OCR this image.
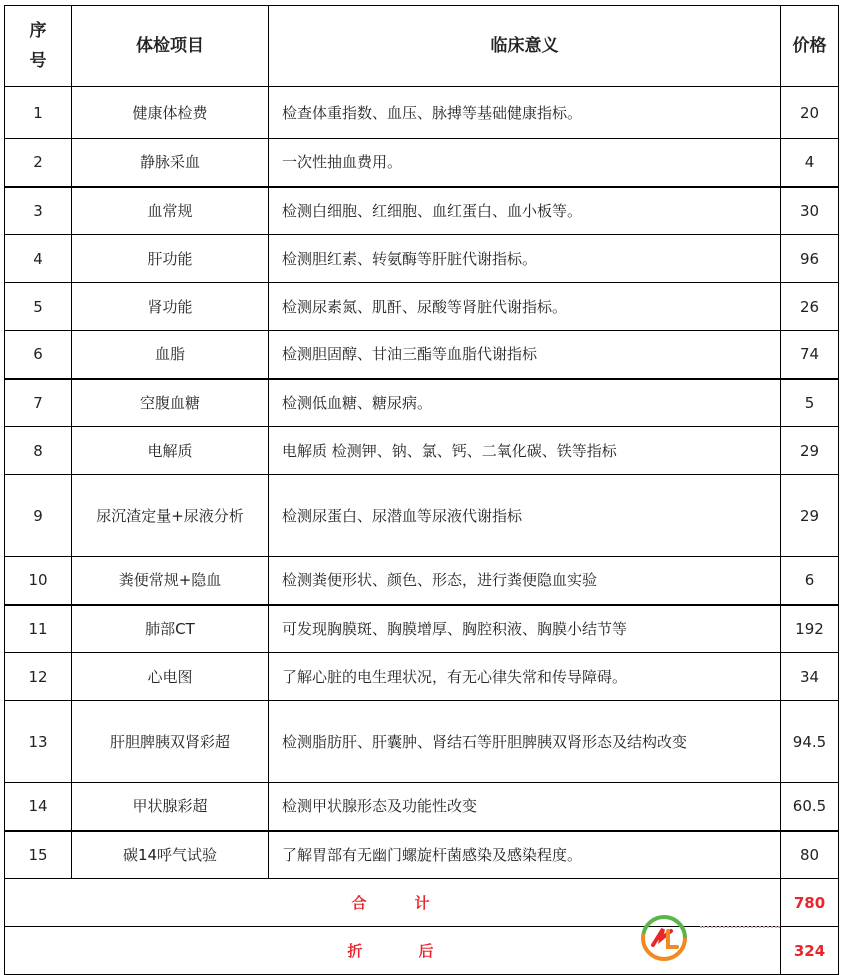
序
号	体检项目	临床意义	价格
1	健康体检费	检查体重指数、血压、脉搏等基础健康指标。	20
2	静脉采血	一次性抽血费用。	4
3	血常规	检测白细胞、红细胞、血红蛋白、血小板等。	30
4	肝功能	检测胆红素、转氨酶等肝脏代谢指标。	96
5	肾功能	检测尿素氮、肌酐、尿酸等肾脏代谢指标。	26
6	血脂	检测胆固醇、甘油三酯等血脂代谢指标	74
7	空腹血糖	检测低血糖、糖尿病。	5
8	电解质	电解质 检测钾、钠、氯、钙、二氧化碳、铁等指标	29
9	尿沉渣定量+尿液分析	检测尿蛋白、尿潜血等尿液代谢指标	29
10	粪便常规+隐血	检测粪便形状、颜色、形态，进行粪便隐血实验	6
11	肺部CT	可发现胸膜斑、胸膜增厚、胸腔积液、胸膜小结节等	192
12	心电图	了解心脏的电生理状况，有无心律失常和传导障碍。	34
13	肝胆脾胰双肾彩超	检测脂肪肝、肝囊肿、肾结石等肝胆脾胰双肾形态及结构改变	94.5
14	甲状腺彩超	检测甲状腺形态及功能性改变	60.5
15	碳14呼气试验	了解胃部有无幽门螺旋杆菌感染及感染程度。	80
合 计			780
折 后			324
